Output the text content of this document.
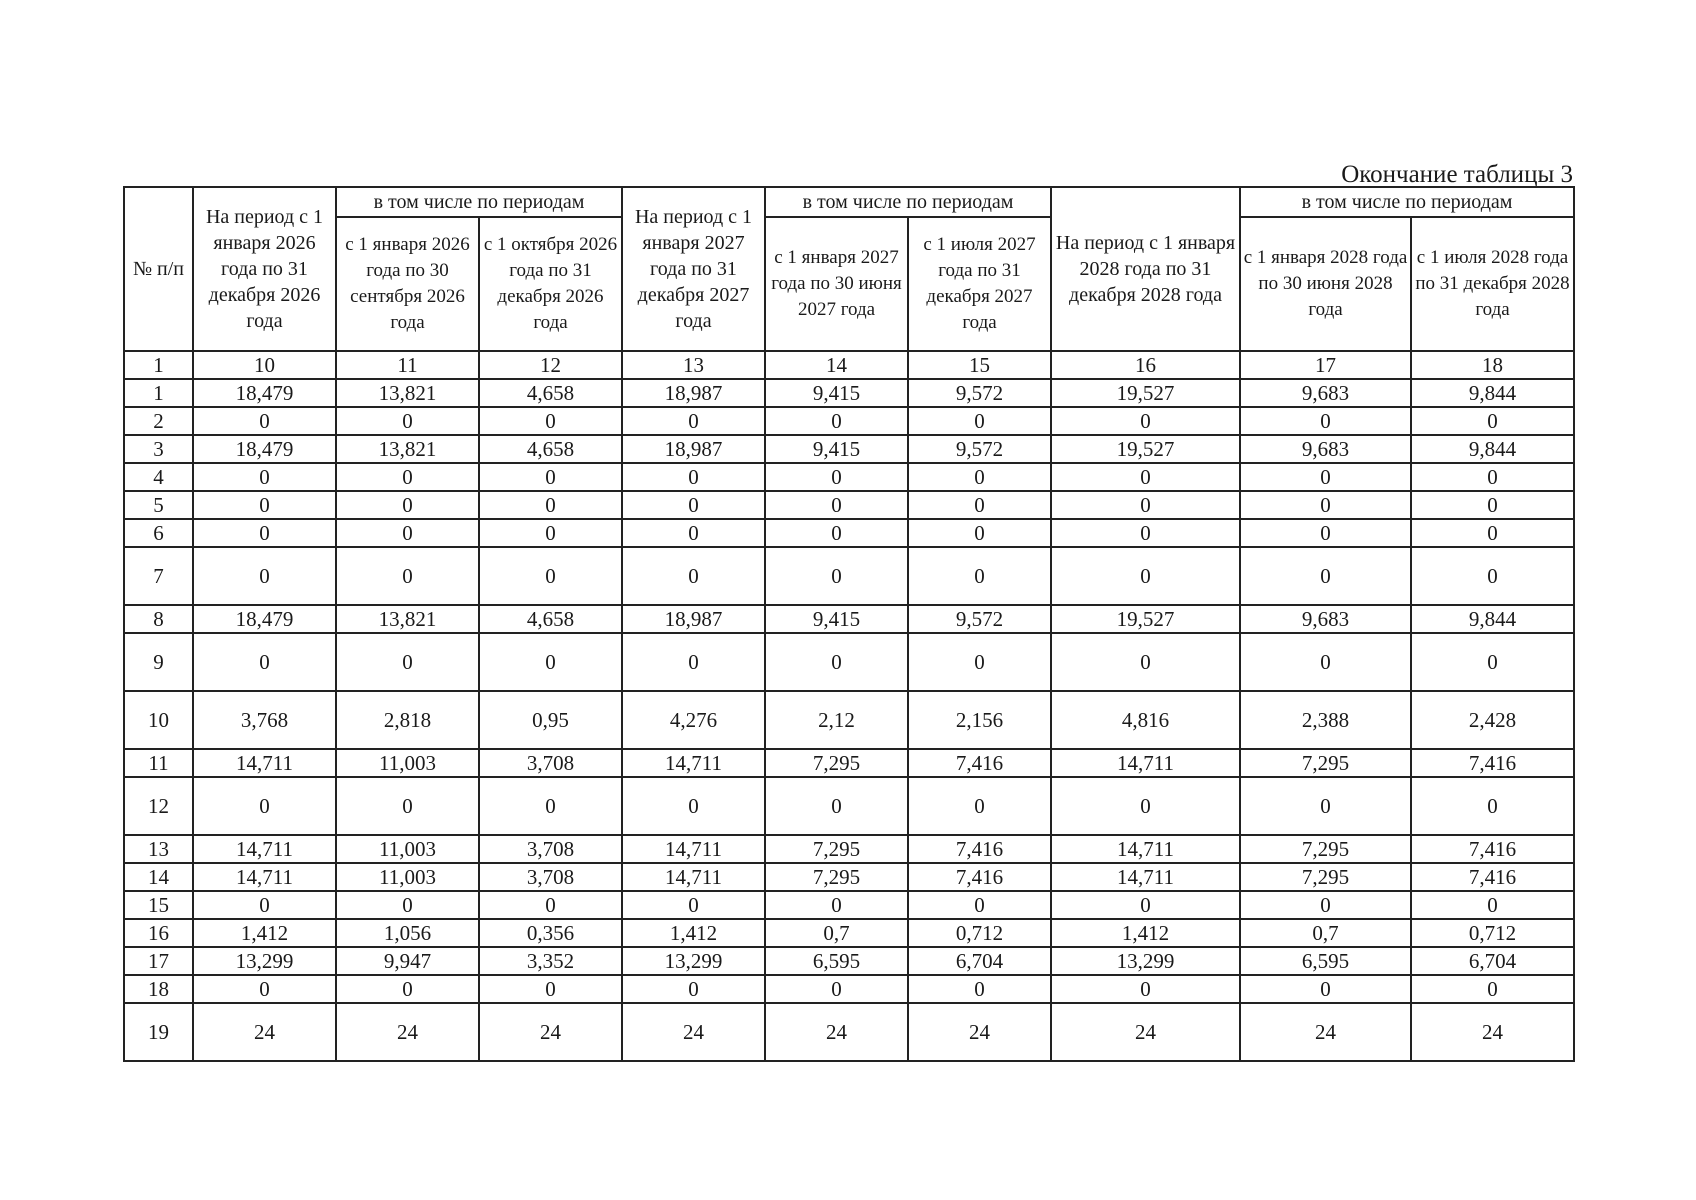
Окончание таблицы 3
№ п/п	На период с 1 января 2026 года по 31 декабря 2026 года	в том числе по периодам		На период с 1 января 2027 года по 31 декабря 2027 года	в том числе по периодам		На период с 1 января 2028 года по 31 декабря 2028 года	в том числе по периодам	
		с 1 января 2026 года по 30 сентября 2026 года	с 1 октября 2026 года по 31 декабря 2026 года		с 1 января 2027 года по 30 июня 2027 года	с 1 июля 2027 года по 31 декабря 2027 года		с 1 января 2028 года по 30 июня 2028 года	с 1 июля 2028 года по 31 декабря 2028 года
1	10	11	12	13	14	15	16	17	18
1	18,479	13,821	4,658	18,987	9,415	9,572	19,527	9,683	9,844
2	0	0	0	0	0	0	0	0	0
3	18,479	13,821	4,658	18,987	9,415	9,572	19,527	9,683	9,844
4	0	0	0	0	0	0	0	0	0
5	0	0	0	0	0	0	0	0	0
6	0	0	0	0	0	0	0	0	0
7	0	0	0	0	0	0	0	0	0
8	18,479	13,821	4,658	18,987	9,415	9,572	19,527	9,683	9,844
9	0	0	0	0	0	0	0	0	0
10	3,768	2,818	0,95	4,276	2,12	2,156	4,816	2,388	2,428
11	14,711	11,003	3,708	14,711	7,295	7,416	14,711	7,295	7,416
12	0	0	0	0	0	0	0	0	0
13	14,711	11,003	3,708	14,711	7,295	7,416	14,711	7,295	7,416
14	14,711	11,003	3,708	14,711	7,295	7,416	14,711	7,295	7,416
15	0	0	0	0	0	0	0	0	0
16	1,412	1,056	0,356	1,412	0,7	0,712	1,412	0,7	0,712
17	13,299	9,947	3,352	13,299	6,595	6,704	13,299	6,595	6,704
18	0	0	0	0	0	0	0	0	0
19	24	24	24	24	24	24	24	24	24
